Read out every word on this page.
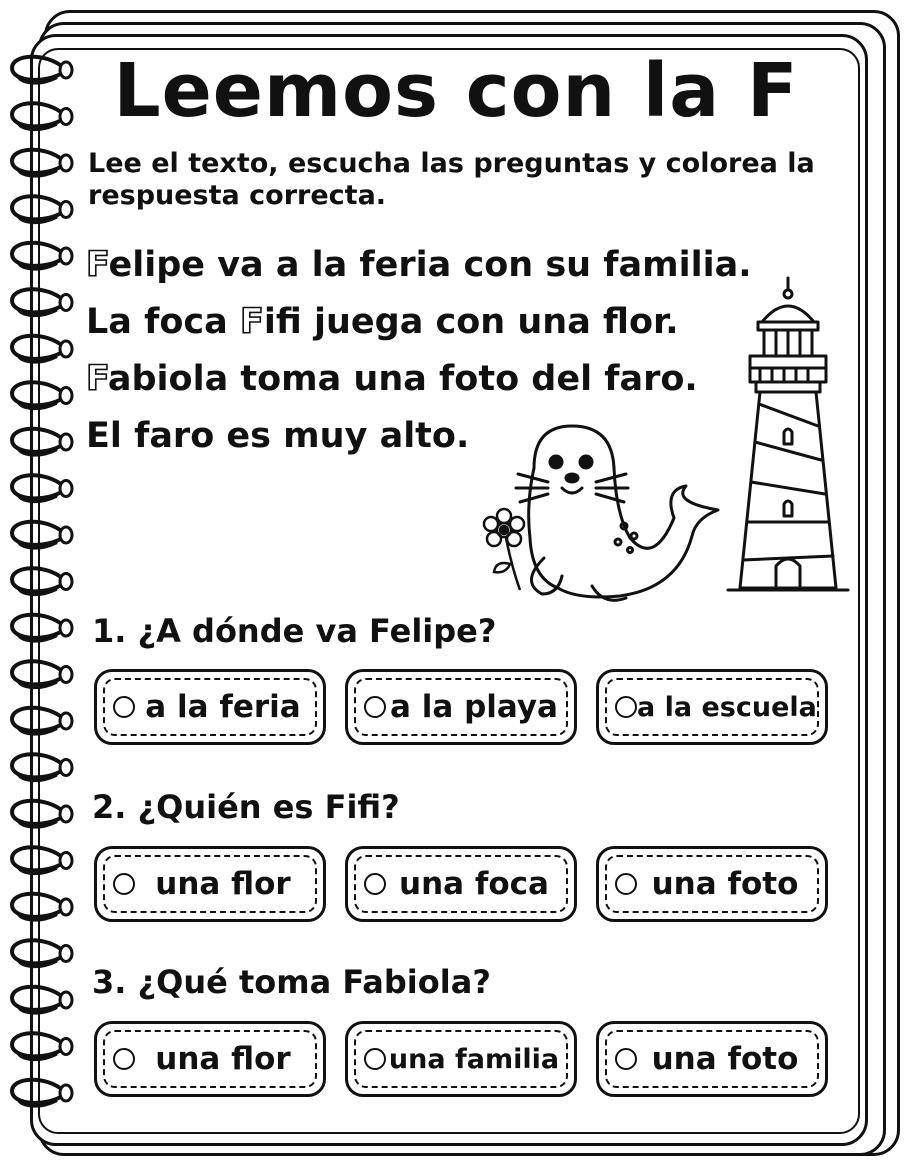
Leemos con la F
Lee el texto, escucha las preguntas y colorea la respuesta correcta.
Felipe va a la feria con su familia.
La foca Fifi juega con una flor.
Fabiola toma una foto del faro.
El faro es muy alto.
1. ¿A dónde va Felipe?
a la feria	a la playa	a la escuela
2. ¿Quién es Fifi?
una flor	una foca	una foto
3. ¿Qué toma Fabiola?
una flor	una familia	una foto
